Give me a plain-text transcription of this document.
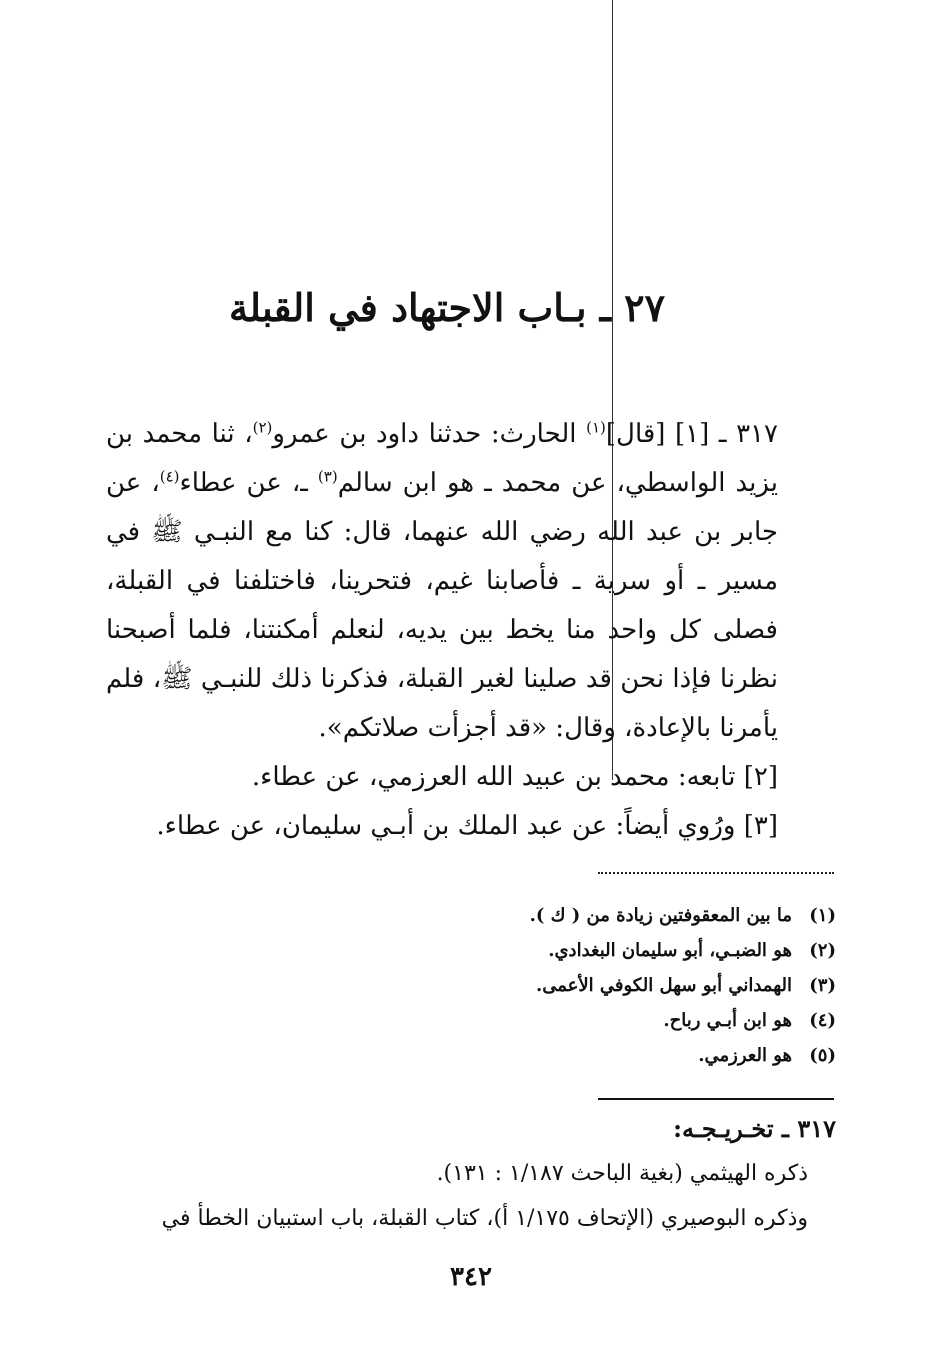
٢٧ ـ بـاب الاجتهاد في القبلة

٣١٧ ـ [١] [قال]$^{(١)}$ الحارث: حدثنا داود بن عمرو$^{(٢)}$، ثنا محمد بن يزيد الواسطي، عن محمد ـ هو ابن سالم$^{(٣)}$ ـ، عن عطاء$^{(٤)}$، عن جابر بن عبد الله رضي الله عنهما، قال: كنا مع النبـي ﷺ في مسير ـ أو سرية ـ فأصابنا غيم، فتحرينا، فاختلفنا في القبلة، فصلى كل واحد منا يخط بين يديه، لنعلم أمكنتنا، فلما أصبحنا نظرنا فإذا نحن قد صلينا لغير القبلة، فذكرنا ذلك للنبـي ﷺ، فلم يأمرنا بالإعادة، وقال: «قد أجزأت صلاتكم».

[٢] تابعه: محمد بن عبيد الله العرزمي، عن عطاء.

[٣] ورُوي أيضاً: عن عبد الملك بن أبـي سليمان، عن عطاء.

(١)ما بين المعقوفتين زيادة من ( ك ).
(٢)هو الضبـي، أبو سليمان البغدادي.
(٣)الهمداني أبو سهل الكوفي الأعمى.
(٤)هو ابن أبـي رباح.
(٥)هو العرزمي.

٣١٧ ـ تخـريـجـه:

ذكره الهيثمي (بغية الباحث ١/١٨٧ : ١٣١).

وذكره البوصيري (الإتحاف ١/١٧٥ أ)، كتاب القبلة، باب استبيان الخطأ في

٣٤٢
